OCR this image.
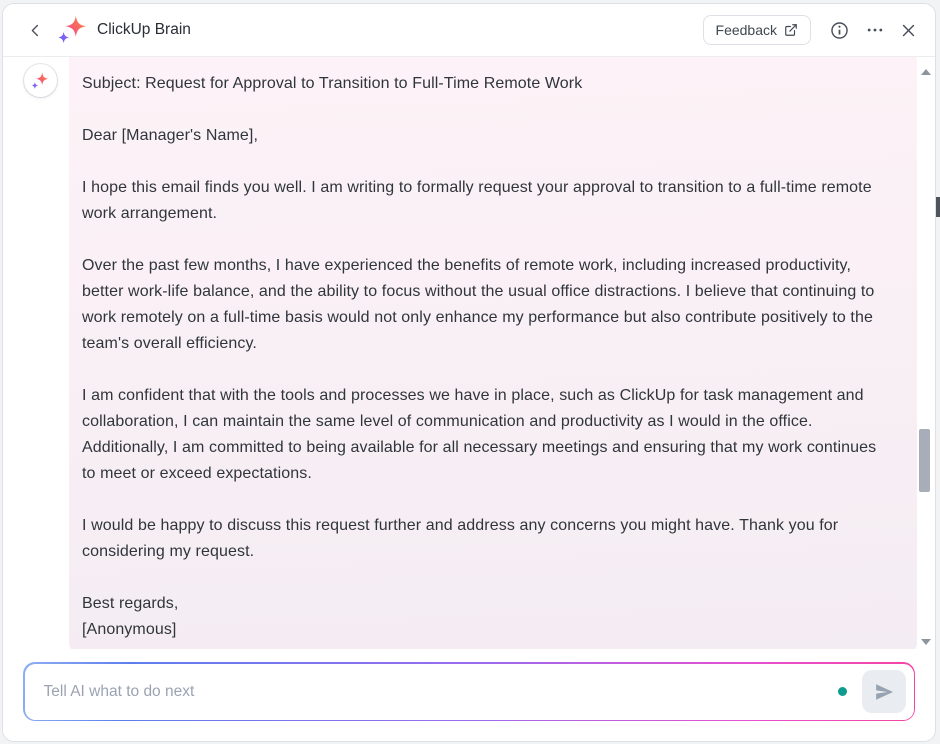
ClickUp Brain	Feedback

Subject: Request for Approval to Transition to Full-Time Remote Work

Dear [Manager's Name],

I hope this email finds you well. I am writing to formally request your approval to transition to a full-time remote work arrangement.

Over the past few months, I have experienced the benefits of remote work, including increased productivity, better work-life balance, and the ability to focus without the usual office distractions. I believe that continuing to work remotely on a full-time basis would not only enhance my performance but also contribute positively to the team's overall efficiency.

I am confident that with the tools and processes we have in place, such as ClickUp for task management and collaboration, I can maintain the same level of communication and productivity as I would in the office. Additionally, I am committed to being available for all necessary meetings and ensuring that my work continues to meet or exceed expectations.

I would be happy to discuss this request further and address any concerns you might have. Thank you for considering my request.

Best regards,

[Anonymous]

Tell AI what to do next
